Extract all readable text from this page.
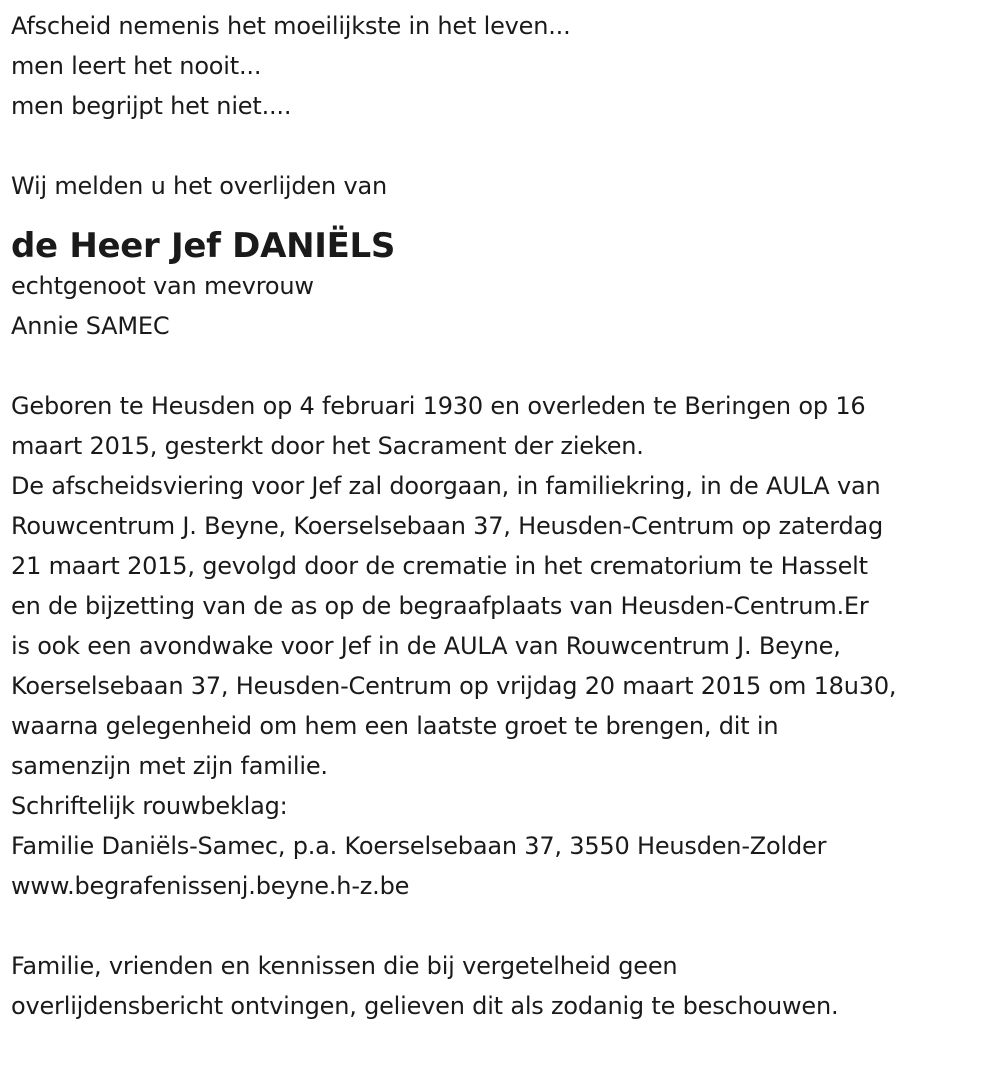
Afscheid nemenis het moeilijkste in het leven...
men leert het nooit...
men begrijpt het niet....
Wij melden u het overlijden van
de Heer Jef DANIËLS
echtgenoot van mevrouw
Annie SAMEC
Geboren te Heusden op 4 februari 1930 en overleden te Beringen op 16
maart 2015, gesterkt door het Sacrament der zieken.
De afscheidsviering voor Jef zal doorgaan, in familiekring, in de AULA van
Rouwcentrum J. Beyne, Koerselsebaan 37, Heusden-Centrum op zaterdag
21 maart 2015, gevolgd door de crematie in het crematorium te Hasselt
en de bijzetting van de as op de begraafplaats van Heusden-Centrum.Er
is ook een avondwake voor Jef in de AULA van Rouwcentrum J. Beyne,
Koerselsebaan 37, Heusden-Centrum op vrijdag 20 maart 2015 om 18u30,
waarna gelegenheid om hem een laatste groet te brengen, dit in
samenzijn met zijn familie.
Schriftelijk rouwbeklag:
Familie Daniëls-Samec, p.a. Koerselsebaan 37, 3550 Heusden-Zolder
www.begrafenissenj.beyne.h-z.be
Familie, vrienden en kennissen die bij vergetelheid geen
overlijdensbericht ontvingen, gelieven dit als zodanig te beschouwen.
